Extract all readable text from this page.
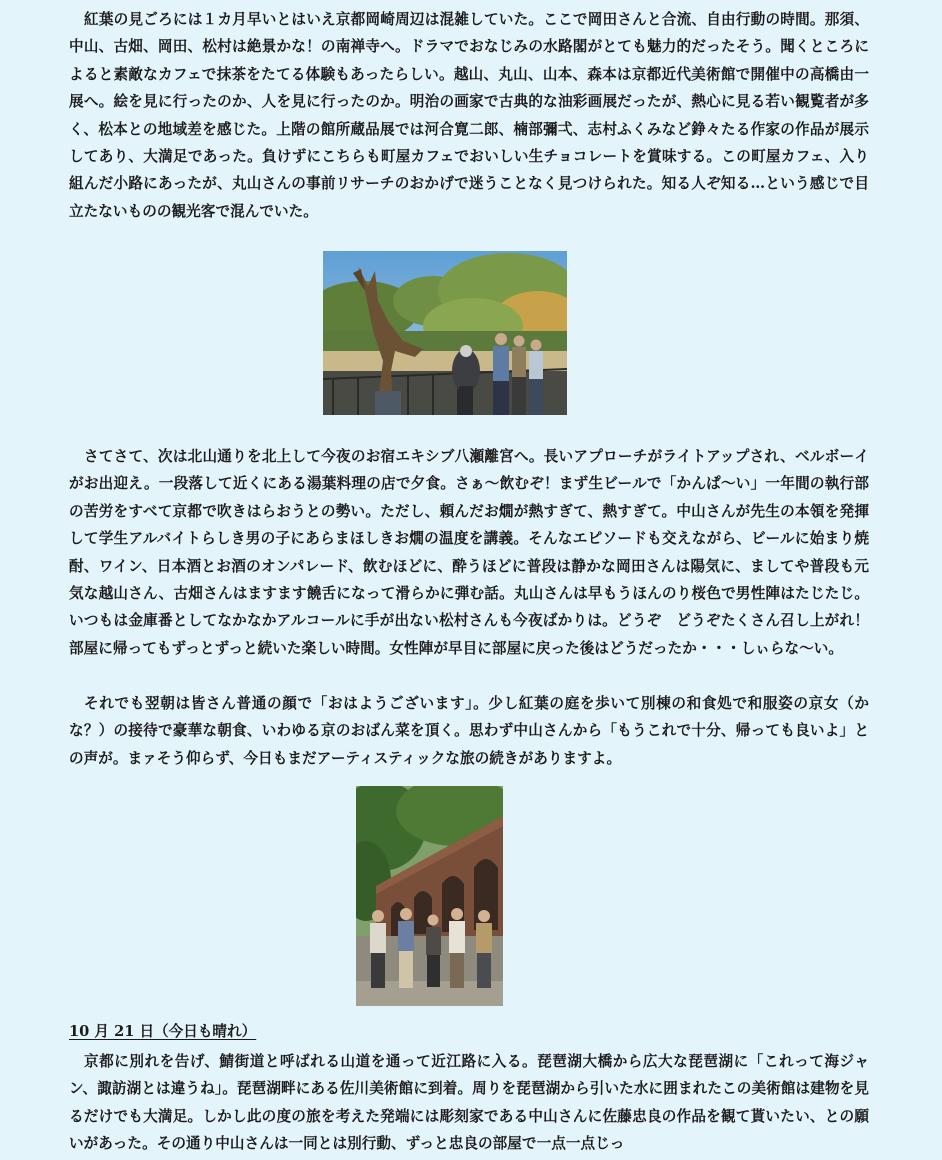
紅葉の見ごろには１カ月早いとはいえ京都岡崎周辺は混雑していた。ここで岡田さんと合流、自由行動の時間。那須、中山、古畑、岡田、松村は絶景かな！の南禅寺へ。ドラマでおなじみの水路閣がとても魅力的だったそう。聞くところによると素敵なカフェで抹茶をたてる体験もあったらしい。越山、丸山、山本、森本は京都近代美術館で開催中の高橋由一展へ。絵を見に行ったのか、人を見に行ったのか。明治の画家で古典的な油彩画展だったが、熱心に見る若い観覧者が多く、松本との地域差を感じた。上階の館所蔵品展では河合寛二郎、楠部彌弌、志村ふくみなど錚々たる作家の作品が展示してあり、大満足であった。負けずにこちらも町屋カフェでおいしい生チョコレートを賞味する。この町屋カフェ、入り組んだ小路にあったが、丸山さんの事前リサーチのおかげで迷うことなく見つけられた。知る人ぞ知る…という感じで目立たないものの観光客で混んでいた。

さてさて、次は北山通りを北上して今夜のお宿エキシブ八瀬離宮へ。長いアプローチがライトアップされ、ベルボーイがお出迎え。一段落して近くにある湯葉料理の店で夕食。さぁ～飲むぞ！まず生ビールで「かんぱ～い」一年間の執行部の苦労をすべて京都で吹きはらおうとの勢い。ただし、頼んだお燗が熱すぎて、熱すぎて。中山さんが先生の本領を発揮して学生アルバイトらしき男の子にあらまほしきお燗の温度を講義。そんなエピソードも交えながら、ビールに始まり焼酎、ワイン、日本酒とお酒のオンパレード、飲むほどに、酔うほどに普段は静かな岡田さんは陽気に、ましてや普段も元気な越山さん、古畑さんはますます饒舌になって滑らかに弾む話。丸山さんは早もうほんのり桜色で男性陣はたじたじ。いつもは金庫番としてなかなかアルコールに手が出ない松村さんも今夜ばかりは。どうぞ　どうぞたくさん召し上がれ！部屋に帰ってもずっとずっと続いた楽しい時間。女性陣が早目に部屋に戻った後はどうだったか・・・しぃらな～い。

それでも翌朝は皆さん普通の顔で「おはようございます」。少し紅葉の庭を歩いて別棟の和食処で和服姿の京女（かな？）の接待で豪華な朝食、いわゆる京のおばん菜を頂く。思わず中山さんから「もうこれで十分、帰っても良いよ」との声が。まァそう仰らず、今日もまだアーティスティックな旅の続きがありますよ。

10 月 21 日（今日も晴れ）

京都に別れを告げ、鯖街道と呼ばれる山道を通って近江路に入る。琵琶湖大橋から広大な琵琶湖に「これって海ジャン、諏訪湖とは違うね」。琵琶湖畔にある佐川美術館に到着。周りを琵琶湖から引いた水に囲まれたこの美術館は建物を見るだけでも大満足。しかし此の度の旅を考えた発端には彫刻家である中山さんに佐藤忠良の作品を観て貰いたい、との願いがあった。その通り中山さんは一同とは別行動、ずっと忠良の部屋で一点一点じっ
